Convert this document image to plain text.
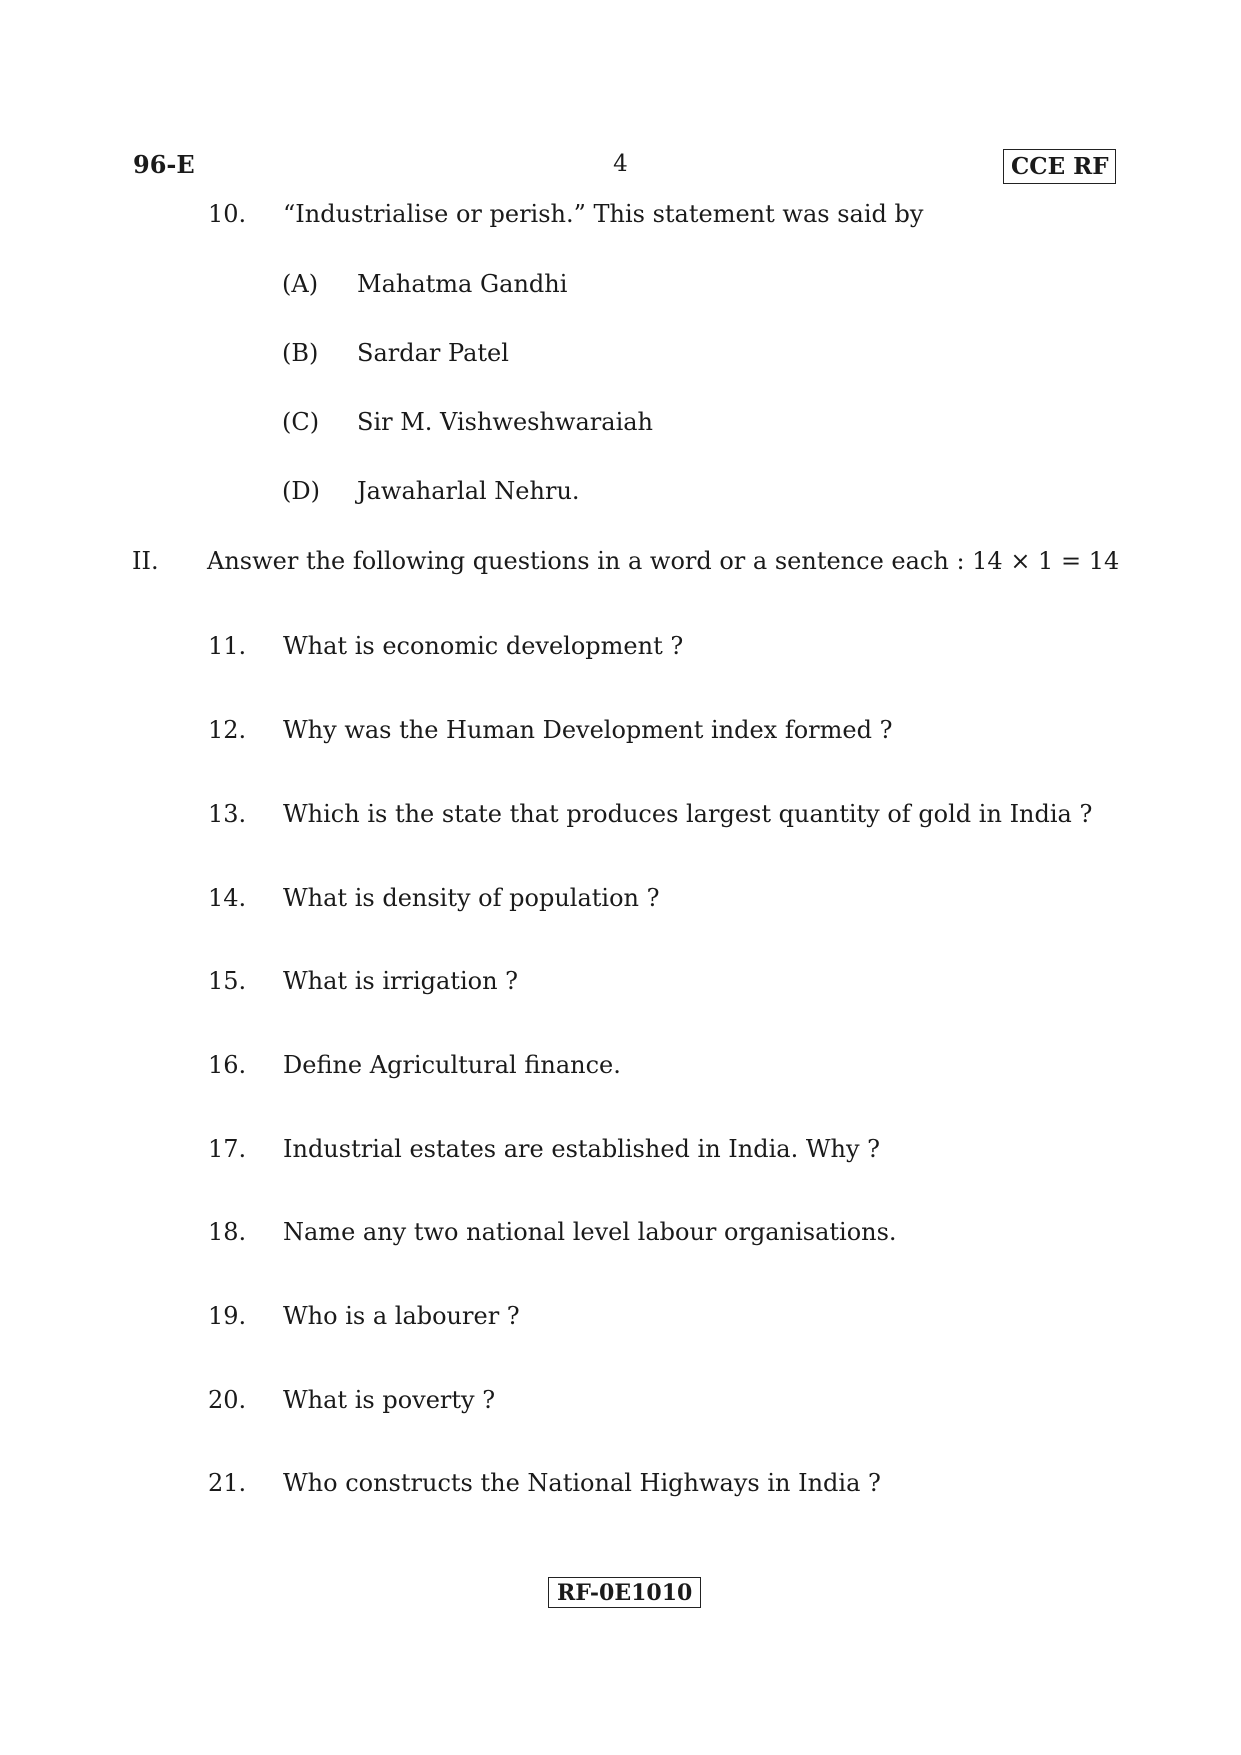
96-E	4	CCE RF
10. “Industrialise or perish.” This statement was said by
(A) Mahatma Gandhi
(B) Sardar Patel
(C) Sir M. Vishweshwaraiah
(D) Jawaharlal Nehru.
II. Answer the following questions in a word or a sentence each : 14 × 1 = 14
11. What is economic development ?
12. Why was the Human Development index formed ?
13. Which is the state that produces largest quantity of gold in India ?
14. What is density of population ?
15. What is irrigation ?
16. Define Agricultural finance.
17. Industrial estates are established in India. Why ?
18. Name any two national level labour organisations.
19. Who is a labourer ?
20. What is poverty ?
21. Who constructs the National Highways in India ?
RF-0E1010
